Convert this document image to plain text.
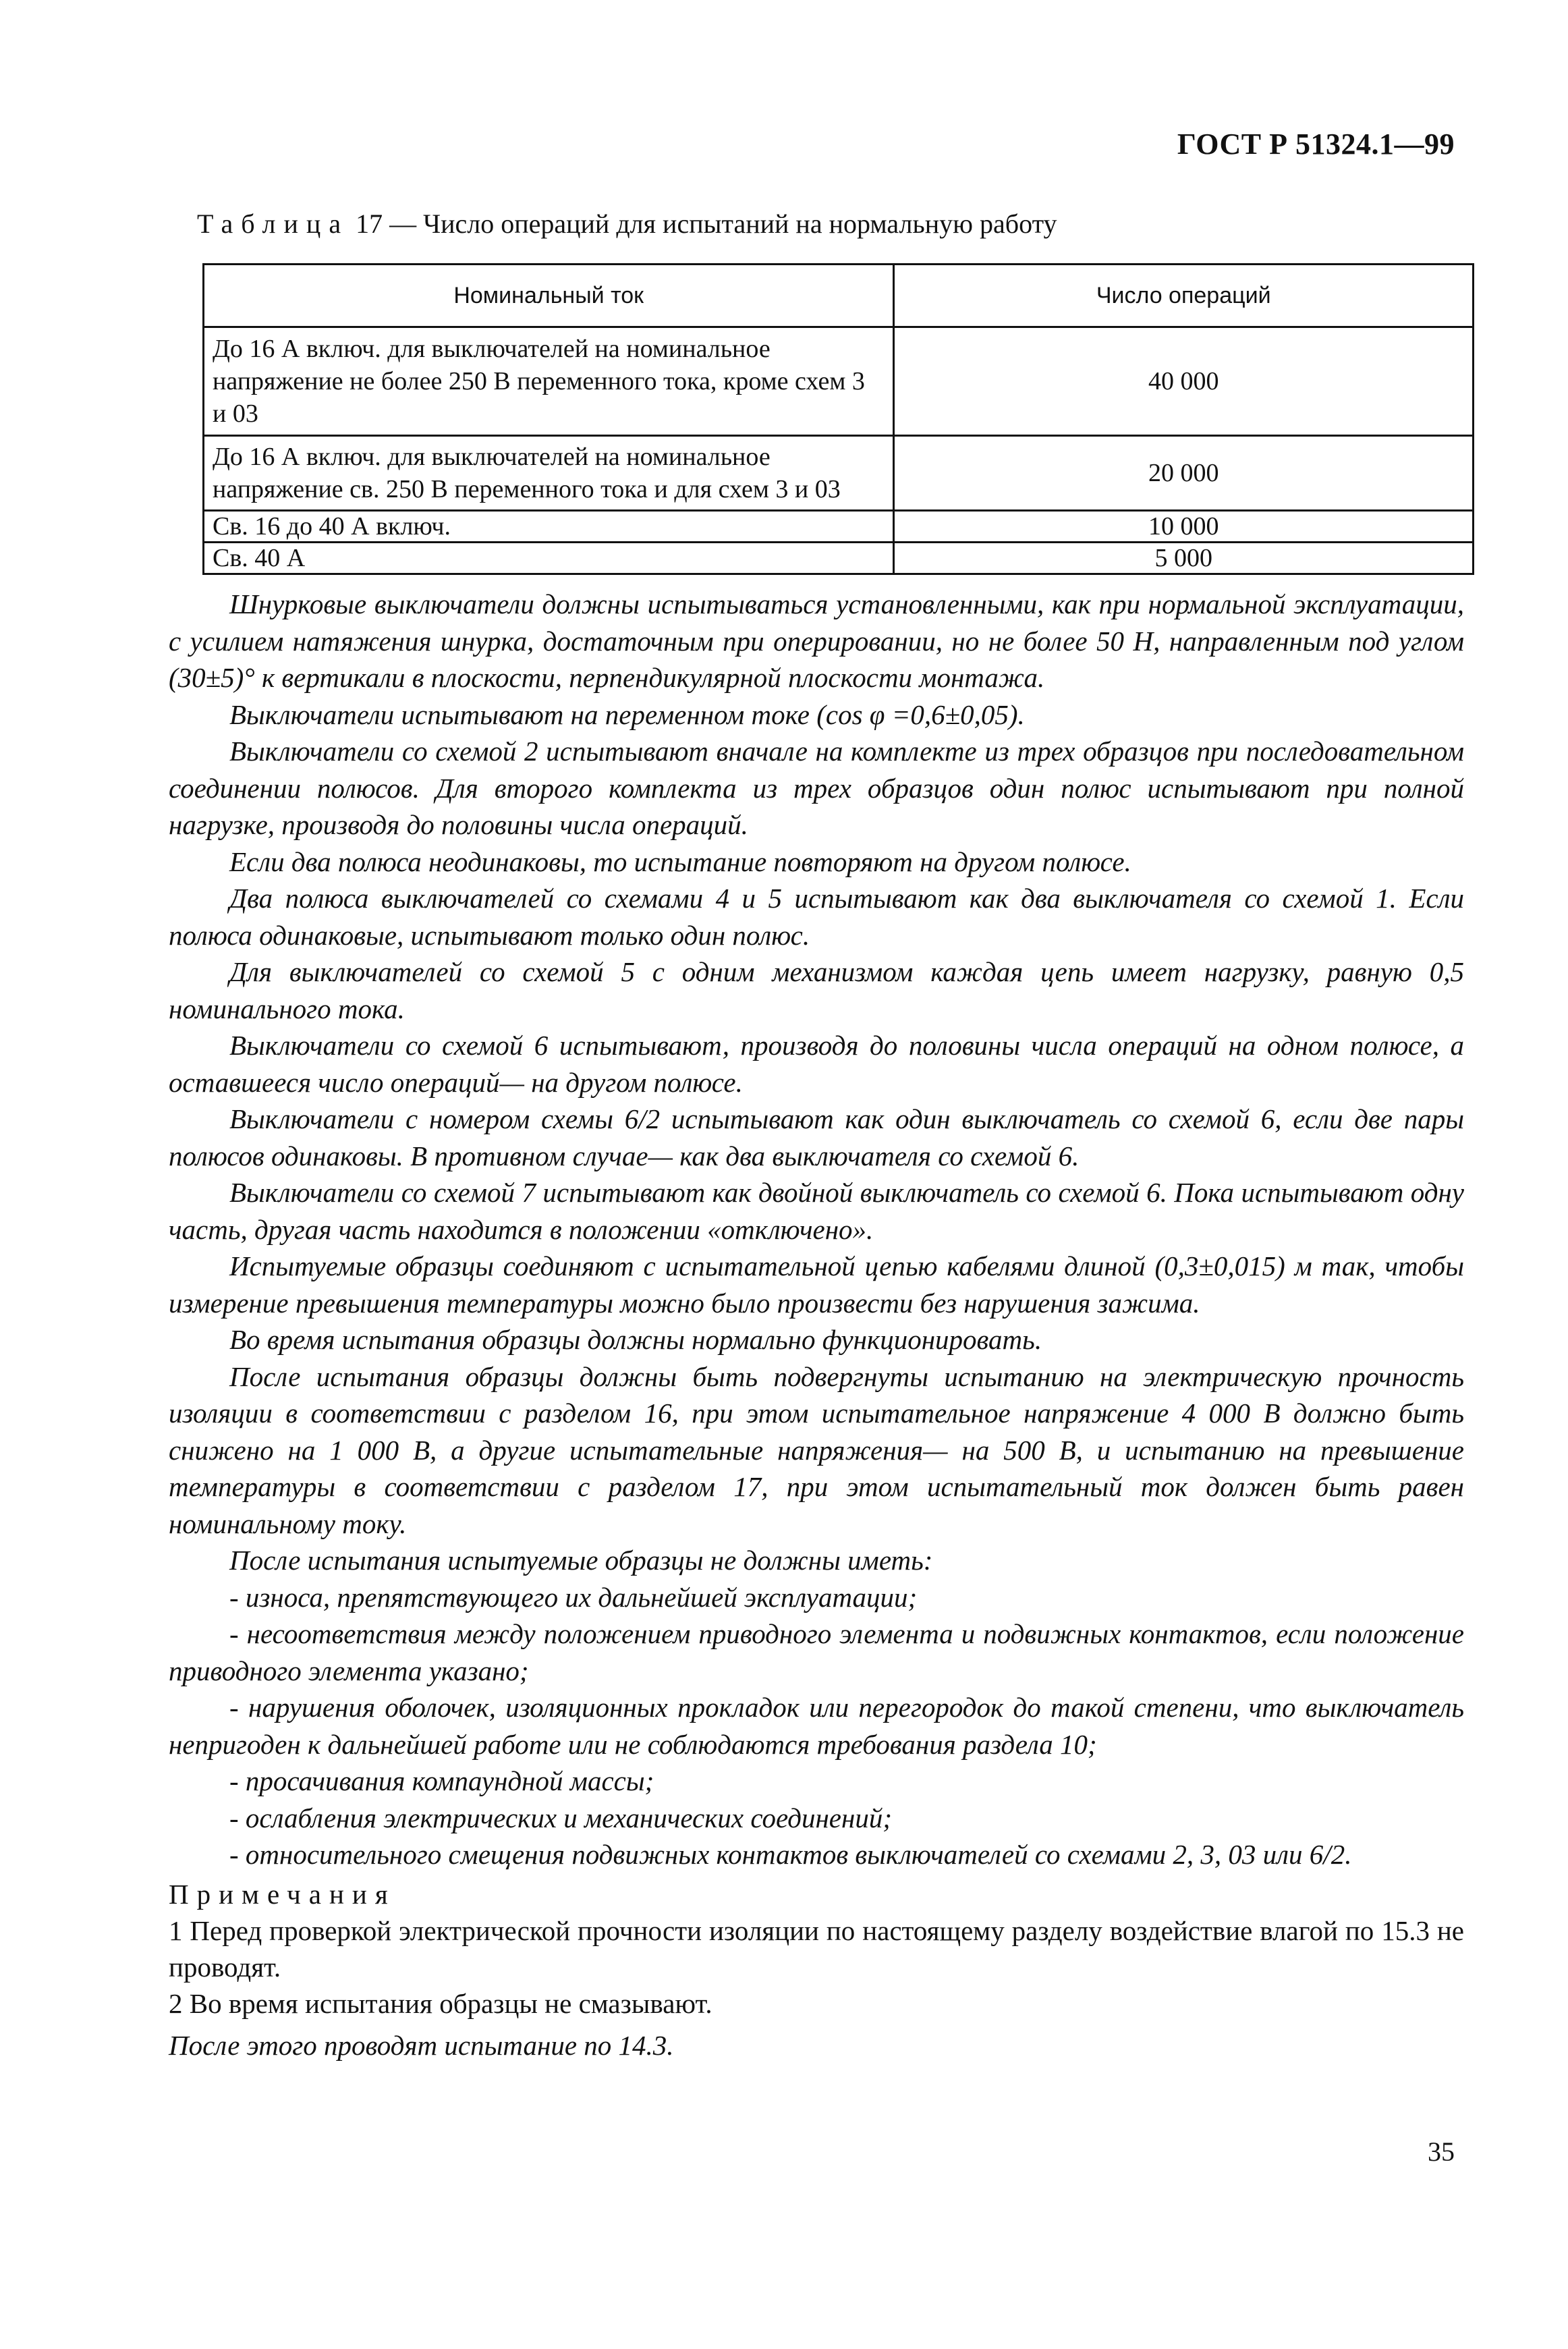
ГОСТ Р 51324.1—99
Таблица 17 — Число операций для испытаний на нормальную работу
Номинальный ток	Число операций
До 16 А включ. для выключателей на номинальное напряжение не более 250 В переменного тока, кроме схем 3 и 03	40 000
До 16 А включ. для выключателей на номинальное напряжение св. 250 В переменного тока и для схем 3 и 03	20 000
Св. 16 до 40 А включ.	10 000
Св. 40 А	5 000

Шнурковые выключатели должны испытываться установленными, как при нормальной эксплуатации, с усилием натяжения шнурка, достаточным при оперировании, но не более 50 Н, направленным под углом (30±5)° к вертикали в плоскости, перпендикулярной плоскости монтажа.

Выключатели испытывают на переменном токе (cos φ =0,6±0,05).

Выключатели со схемой 2 испытывают вначале на комплекте из трех образцов при последовательном соединении полюсов. Для второго комплекта из трех образцов один полюс испытывают при полной нагрузке, производя до половины числа операций.

Если два полюса неодинаковы, то испытание повторяют на другом полюсе.

Два полюса выключателей со схемами 4 и 5 испытывают как два выключателя со схемой 1. Если полюса одинаковые, испытывают только один полюс.

Для выключателей со схемой 5 с одним механизмом каждая цепь имеет нагрузку, равную 0,5 номинального тока.

Выключатели со схемой 6 испытывают, производя до половины числа операций на одном полюсе, а оставшееся число операций— на другом полюсе.

Выключатели с номером схемы 6/2 испытывают как один выключатель со схемой 6, если две пары полюсов одинаковы. В противном случае— как два выключателя со схемой 6.

Выключатели со схемой 7 испытывают как двойной выключатель со схемой 6. Пока испытывают одну часть, другая часть находится в положении «отключено».

Испытуемые образцы соединяют с испытательной цепью кабелями длиной (0,3±0,015) м так, чтобы измерение превышения температуры можно было произвести без нарушения зажима.

Во время испытания образцы должны нормально функционировать.

После испытания образцы должны быть подвергнуты испытанию на электрическую прочность изоляции в соответствии с разделом 16, при этом испытательное напряжение 4 000 В должно быть снижено на 1 000 В, а другие испытательные напряжения— на 500 В, и испытанию на превышение температуры в соответствии с разделом 17, при этом испытательный ток должен быть равен номинальному току.

После испытания испытуемые образцы не должны иметь:

- износа, препятствующего их дальнейшей эксплуатации;

- несоответствия между положением приводного элемента и подвижных контактов, если положение приводного элемента указано;

- нарушения оболочек, изоляционных прокладок или перегородок до такой степени, что выключатель непригоден к дальнейшей работе или не соблюдаются требования раздела 10;

- просачивания компаундной массы;

- ослабления электрических и механических соединений;

- относительного смещения подвижных контактов выключателей со схемами 2, 3, 03 или 6/2.

Примечания

1 Перед проверкой электрической прочности изоляции по настоящему разделу воздействие влагой по 15.3 не проводят.

2 Во время испытания образцы не смазывают.

После этого проводят испытание по 14.3.

35
